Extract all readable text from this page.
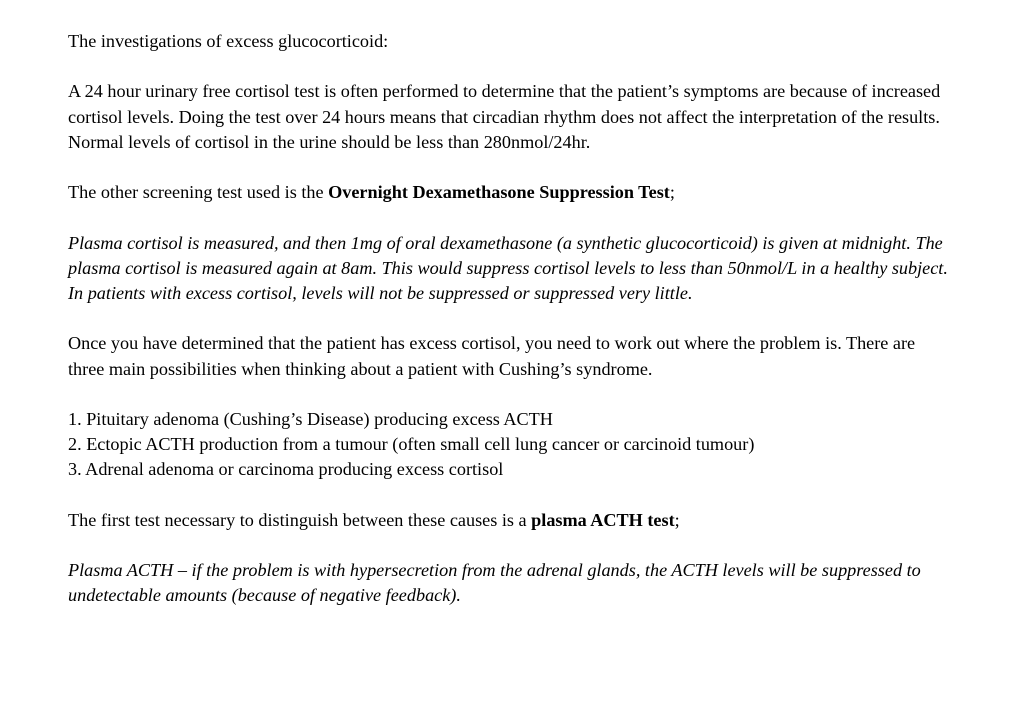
The investigations of excess glucocorticoid:

A 24 hour urinary free cortisol test is often performed to determine that the patient’s symptoms are because of increased cortisol levels. Doing the test over 24 hours means that circadian rhythm does not affect the interpretation of the results. Normal levels of cortisol in the urine should be less than 280nmol/24hr.

The other screening test used is the Overnight Dexamethasone Suppression Test;

Plasma cortisol is measured, and then 1mg of oral dexamethasone (a synthetic glucocorticoid) is given at midnight. The plasma cortisol is measured again at 8am. This would suppress cortisol levels to less than 50nmol/L in a healthy subject. In patients with excess cortisol, levels will not be suppressed or suppressed very little.

Once you have determined that the patient has excess cortisol, you need to work out where the problem is. There are three main possibilities when thinking about a patient with Cushing’s syndrome.

1. Pituitary adenoma (Cushing’s Disease) producing excess ACTH
2. Ectopic ACTH production from a tumour (often small cell lung cancer or carcinoid tumour)
3. Adrenal adenoma or carcinoma producing excess cortisol

The first test necessary to distinguish between these causes is a plasma ACTH test;

Plasma ACTH – if the problem is with hypersecretion from the adrenal glands, the ACTH levels will be suppressed to undetectable amounts (because of negative feedback).
